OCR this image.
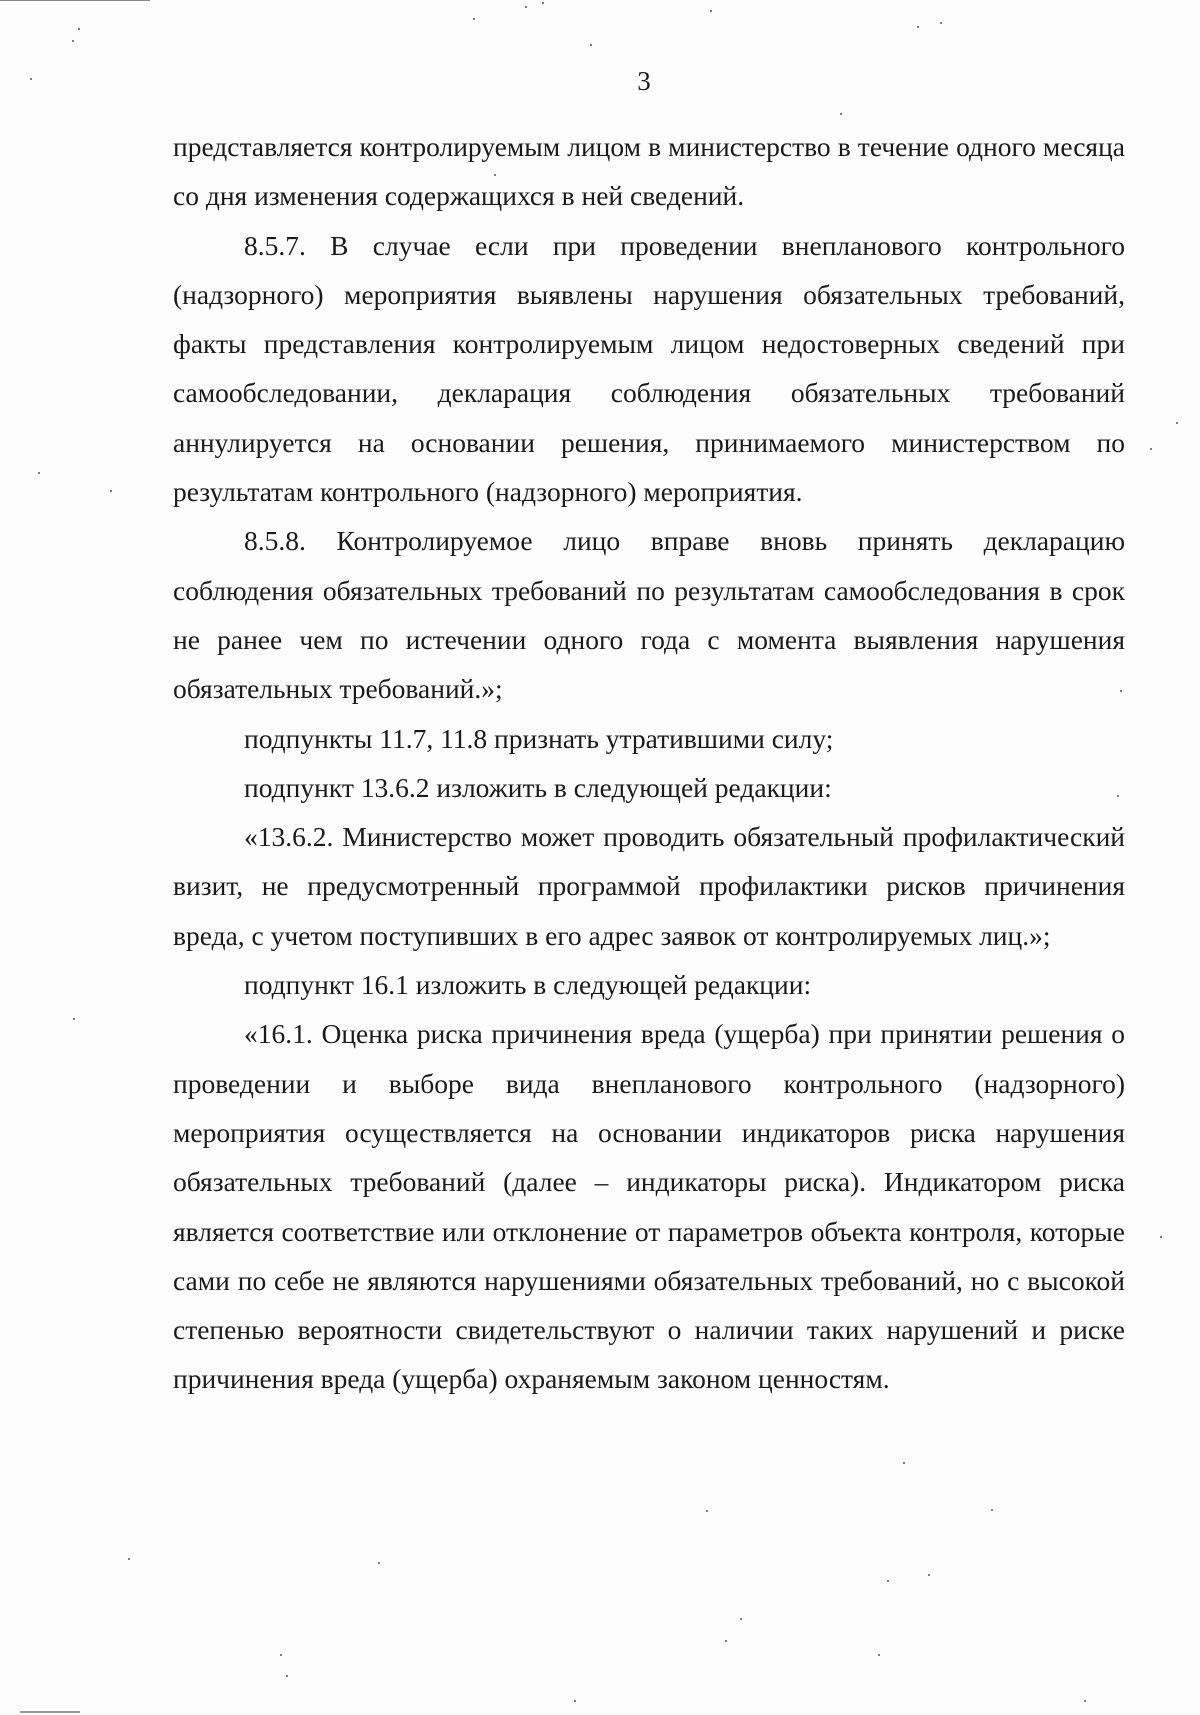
3

представляется контролируемым лицом в министерство в течение одного месяца со дня изменения содержащихся в ней сведений.

8.5.7. В случае если при проведении внепланового контрольного (надзорного) мероприятия выявлены нарушения обязательных требований, факты представления контролируемым лицом недостоверных сведений при самообследовании, декларация соблюдения обязательных требований аннулируется на основании решения, принимаемого министерством по результатам контрольного (надзорного) мероприятия.

8.5.8. Контролируемое лицо вправе вновь принять декларацию соблюдения обязательных требований по результатам самообследования в срок не ранее чем по истечении одного года с момента выявления нарушения обязательных требований.»;

подпункты 11.7, 11.8 признать утратившими силу;

подпункт 13.6.2 изложить в следующей редакции:

«13.6.2. Министерство может проводить обязательный профилактический визит, не предусмотренный программой профилактики рисков причинения вреда, с учетом поступивших в его адрес заявок от контролируемых лиц.»;

подпункт 16.1 изложить в следующей редакции:

«16.1. Оценка риска причинения вреда (ущерба) при принятии решения о проведении и выборе вида внепланового контрольного (надзорного) мероприятия осуществляется на основании индикаторов риска нарушения обязательных требований (далее – индикаторы риска). Индикатором риска является соответствие или отклонение от параметров объекта контроля, которые сами по себе не являются нарушениями обязательных требований, но с высокой степенью вероятности свидетельствуют о наличии таких нарушений и риске причинения вреда (ущерба) охраняемым законом ценностям.
